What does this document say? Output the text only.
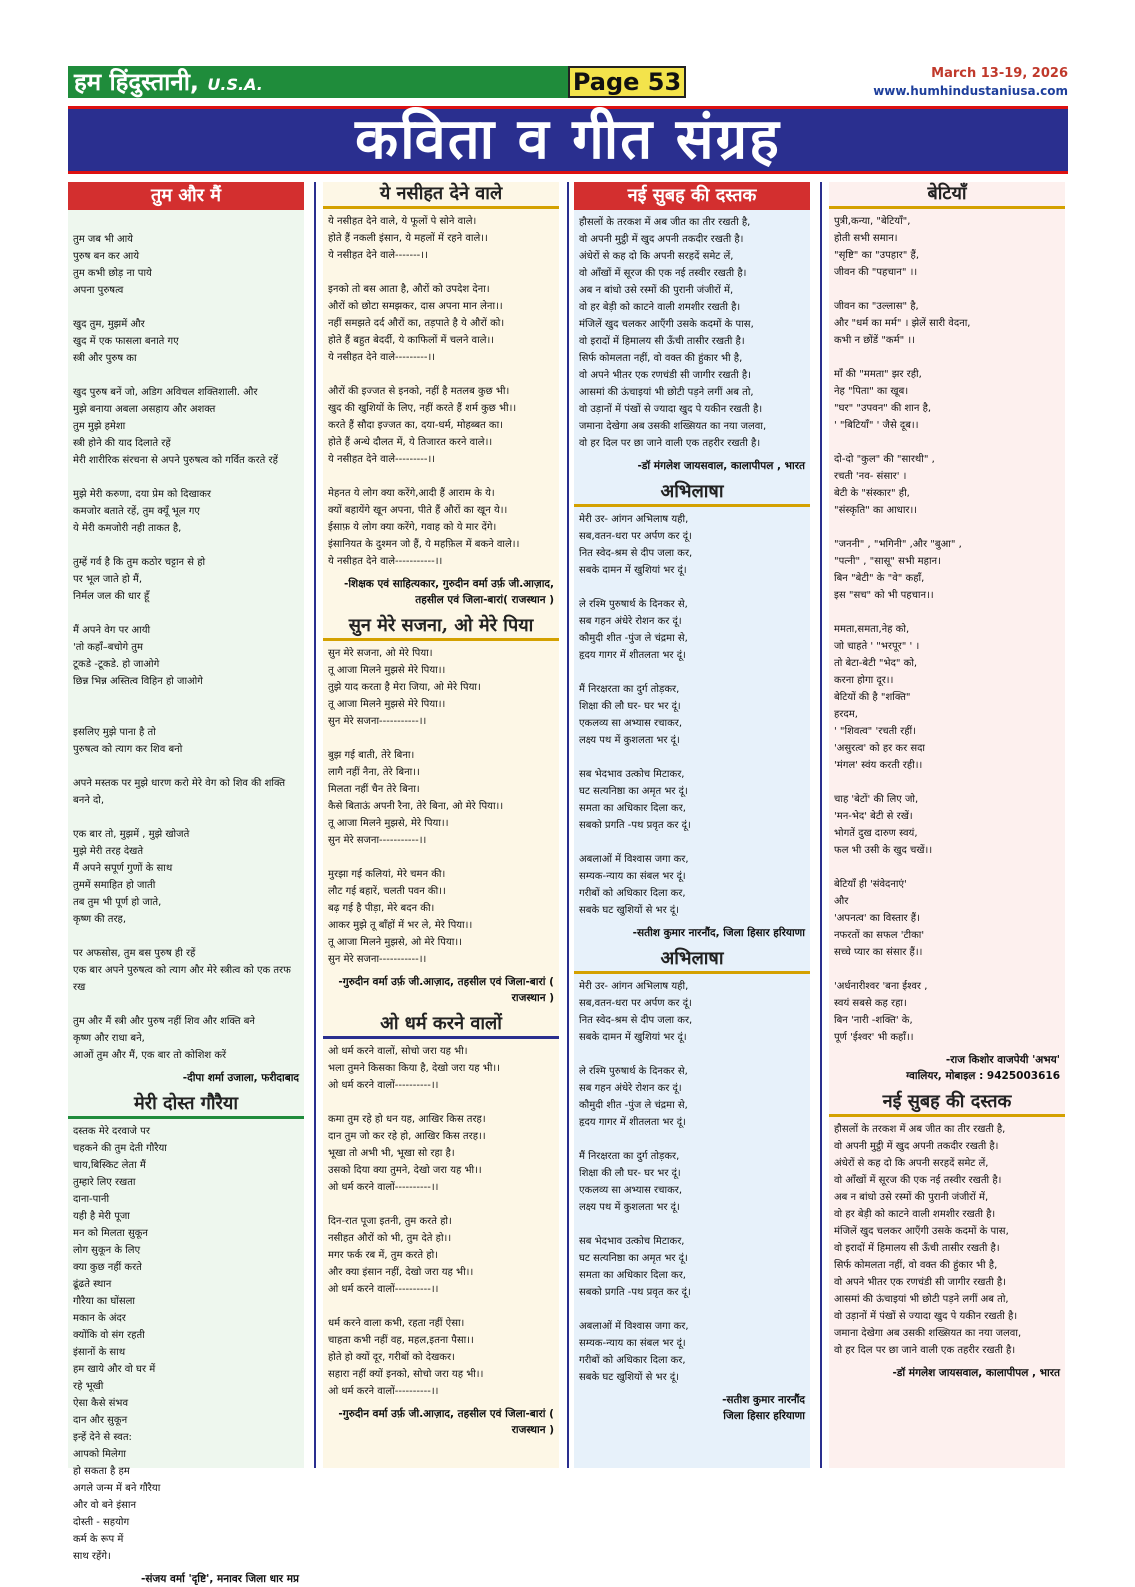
हम हिंदुस्तानी, U.S.A.	Page 53	March 13-19, 2026
www.humhindustaniusa.com
कविता व गीत संग्रह
तुम और मैं

तुम जब भी आये
पुरुष बन कर आये
तुम कभी छोड़ ना पाये
अपना पुरुषत्व

खुद तुम, मुझमें और
खुद में एक फासला बनाते गए
स्त्री और पुरुष का

खुद पुरुष बनें जो, अडिग अविचल शक्तिशाली. और
मुझे बनाया अबला असहाय और अशक्त
तुम मुझे हमेशा
स्त्री होने की याद दिलाते रहें
मेरी शारीरिक संरचना से अपने पुरुषत्व को गर्वित करते रहें

मुझे मेरी करुणा, दया प्रेम को दिखाकर
कमजोर बताते रहें, तुम क्यूँ भूल गए
ये मेरी कमजोरी नही ताकत है,

तुम्हें गर्व है कि तुम कठोर चट्टान से हो
पर भूल जाते हो मैं,
निर्मल जल की धार हूँ

मैं अपने वेग पर आयी
'तो कहाँ–बचोगे तुम
टूकडे -टूकडे. हो जाओगे
छिन्न भिन्न अस्तित्व विहिन हो जाओगे

इसलिए मुझे पाना है तो
पुरुषत्व को त्याग कर शिव बनो

अपने मस्तक पर मुझे धारण करो मेरे वेग को शिव की शक्ति बनने दो,

एक बार तो, मुझमें , मुझे खोजते
मुझे मेरी तरह देखते
मैं अपने सपूर्ण गुणों के साथ
तुममें समाहित हो जाती
तब तुम भी पूर्ण हो जाते,
कृष्ण की तरह,

पर अफसोस, तुम बस पुरुष ही रहें
एक बार अपने पुरुषत्व को त्याग और मेरे स्त्रीत्व को एक तरफ रख

तुम और मैं स्त्री और पुरुष नहीं शिव और शक्ति बने
कृष्ण और राधा बने,
आओं तुम और मैं, एक बार तो कोशिश करें
-दीपा शर्मा उजाला, फरीदाबाद
मेरी दोस्त गौरैया
दस्तक मेरे दरवाजे पर
चहकने की तुम देती गौरैया
चाय,बिस्किट लेता मैं
तुम्हारे लिए रखता
दाना-पानी
यही है मेरी पूजा
मन को मिलता सुकून
लोग सुकून के लिए
क्या कुछ नहीं करते
ढूंढते स्थान
गौरैया का घोंसला
मकान के अंदर
क्योंकि वो संग रहती
इंसानों के साथ
हम खाये और वो घर में
रहे भूखी
ऐसा कैसे संभव
दान और सुकून
इन्हें देने से स्वत:
आपको मिलेगा
हो सकता है हम
अगले जन्म में बने गौरैया
और वो बने इंसान
दोस्ती - सहयोग
कर्म के रूप में
साथ रहेंगे।
-संजय वर्मा 'दृष्टि', मनावर जिला धार मप्र
ये नसीहत देने वाले
ये नसीहत देने वाले, ये फूलों पे सोने वाले।
होते हैं नकली इंसान, ये महलों में रहने वाले।।
ये नसीहत देने वाले-------।।

इनको तो बस आता है, औरों को उपदेश देना।
औरों को छोटा समझकर, दास अपना मान लेना।।
नहीं समझते दर्द औरों का, तड़पाते है ये औरों को।
होते हैं बहुत बेदर्दी, ये काफिलों में चलने वाले।।
ये नसीहत देने वाले---------।।

औरों की इज्जत से इनको, नहीं है मतलब कुछ भी।
खुद की खुशियों के लिए, नहीं करते हैं शर्म कुछ भी।।
करते हैं सौदा इज्जत का, दया-धर्म, मोहब्बत का।
होते हैं अन्धे दौलत में, ये तिजारत करने वाले।।
ये नसीहत देने वाले---------।।

मेहनत ये लोग क्या करेंगे,आदी हैं आराम के ये।
क्यों बहायेंगे खून अपना, पीते हैं औरों का खून ये।।
ईसाफ़ ये लोग क्या करेंगे, गवाह को ये मार देंगे।
इंसानियत के दुश्मन जो हैं, ये महफ़िल में बकने वाले।।
ये नसीहत देने वाले-----------।।
-शिक्षक एवं साहित्यकार, गुरुदीन वर्मा उर्फ़ जी.आज़ाद, तहसील एवं जिला-बारां( राजस्थान )
सुन मेरे सजना, ओ मेरे पिया
सुन मेरे सजना, ओ मेरे पिया।
तू आजा मिलने मुझसे मेरे पिया।।
तुझे याद करता है मेरा जिया, ओ मेरे पिया।
तू आजा मिलने मुझसे मेरे पिया।।
सुन मेरे सजना-----------।।

बुझ गई बाती, तेरे बिना।
लागै नहीं नैना, तेरे बिना।।
मिलता नहीं चैन तेरे बिना।
कैसे बिताऊं अपनी रैना, तेरे बिना, ओ मेरे पिया।।
तू आजा मिलने मुझसे, मेरे पिया।।
सुन मेरे सजना-----------।।

मुरझा गई कलियां, मेरे चमन की।
लौट गई बहारें, चलती पवन की।।
बढ़ गई है पीड़ा, मेरे बदन की।
आकर मुझे तू बाँहों में भर ले, मेरे पिया।।
तू आजा मिलने मुझसे, ओ मेरे पिया।।
सुन मेरे सजना-----------।।
-गुरुदीन वर्मा उर्फ़ जी.आज़ाद, तहसील एवं जिला-बारां ( राजस्थान )
ओ धर्म करने वालों
ओ धर्म करने वालों, सोचो जरा यह भी।
भला तुमने किसका किया है, देखो जरा यह भी।।
ओ धर्म करने वालों----------।।

कमा तुम रहे हो धन यह, आखिर किस तरह।
दान तुम जो कर रहे हो, आखिर किस तरह।।
भूखा तो अभी भी, भूखा सो रहा है।
उसको दिया क्या तुमने, देखो जरा यह भी।।
ओ धर्म करने वालों----------।।

दिन-रात पूजा इतनी, तुम करते हो।
नसीहत औरों को भी, तुम देते हो।।
मगर फर्क रब में, तुम करते हो।
और क्या इंसान नहीं, देखो जरा यह भी।।
ओ धर्म करने वालों----------।।

धर्म करने वाला कभी, रहता नहीं ऐसा।
चाहता कभी नहीं वह, महल,इतना पैसा।।
होते हो क्यों दूर, गरीबों को देखकर।
सहारा नहीं क्यों इनको, सोचो जरा यह भी।।
ओ धर्म करने वालों----------।।
-गुरुदीन वर्मा उर्फ़ जी.आज़ाद, तहसील एवं जिला-बारां ( राजस्थान )
नई सुबह की दस्तक
हौसलों के तरकश में अब जीत का तीर रखती है,
वो अपनी मुट्ठी में खुद अपनी तकदीर रखती है।
अंधेरों से कह दो कि अपनी सरहदें समेट लें,
वो आँखों में सूरज की एक नई तस्वीर रखती है।
अब न बांधो उसे रस्मों की पुरानी जंजीरों में,
वो हर बेड़ी को काटने वाली शमशीर रखती है।
मंजिलें खुद चलकर आएँगी उसके कदमों के पास,
वो इरादों में हिमालय सी ऊँची तासीर रखती है।
सिर्फ कोमलता नहीं, वो वक्त की हुंकार भी है,
वो अपने भीतर एक रणचंडी सी जागीर रखती है।
आसमां की ऊंचाइयां भी छोटी पड़ने लगीं अब तो,
वो उड़ानों में पंखों से ज्यादा खुद पे यकीन रखती है।
जमाना देखेगा अब उसकी शख्सियत का नया जलवा,
वो हर दिल पर छा जाने वाली एक तहरीर रखती है।
-डॉ मंगलेश जायसवाल, कालापीपल , भारत
अभिलाषा
मेरी उर- आंगन अभिलाष यही,
सब,वतन-धरा पर अर्पण कर दूं।
नित स्वेद-श्रम से दीप जला कर,
सबके दामन में खुशियां भर दूं।

ले रश्मि पुरुषार्थ के दिनकर से,
सब गहन अंधेरे रोशन कर दूं।
कौमुदी शीत -पुंज ले चंद्रमा से,
हृदय गागर में शीतलता भर दूं।

मैं निरक्षरता का दुर्ग तोड़कर,
शिक्षा की लौ घर- घर भर दूं।
एकलव्य सा अभ्यास रचाकर,
लक्ष्य पथ में कुशलता भर दूं।

सब भेदभाव उत्कोच मिटाकर,
घट सत्यनिष्ठा का अमृत भर दूं।
समता का अधिकार दिला कर,
सबको प्रगति -पथ प्रवृत कर दूं।

अबलाओं में विश्वास जगा कर,
सम्यक-न्याय का संबल भर दूं।
गरीबों को अधिकार दिला कर,
सबके घट खुशियों से भर दूं।
-सतीश कुमार नारनौंद, जिला हिसार हरियाणा
अभिलाषा
मेरी उर- आंगन अभिलाष यही,
सब,वतन-धरा पर अर्पण कर दूं।
नित स्वेद-श्रम से दीप जला कर,
सबके दामन में खुशियां भर दूं।

ले रश्मि पुरुषार्थ के दिनकर से,
सब गहन अंधेरे रोशन कर दूं।
कौमुदी शीत -पुंज ले चंद्रमा से,
हृदय गागर में शीतलता भर दूं।

मैं निरक्षरता का दुर्ग तोड़कर,
शिक्षा की लौ घर- घर भर दूं।
एकलव्य सा अभ्यास रचाकर,
लक्ष्य पथ में कुशलता भर दूं।

सब भेदभाव उत्कोच मिटाकर,
घट सत्यनिष्ठा का अमृत भर दूं।
समता का अधिकार दिला कर,
सबको प्रगति -पथ प्रवृत कर दूं।

अबलाओं में विश्वास जगा कर,
सम्यक-न्याय का संबल भर दूं।
गरीबों को अधिकार दिला कर,
सबके घट खुशियों से भर दूं।
-सतीश कुमार नारनौंद
जिला हिसार हरियाणा
बेटियाँ
पुत्री,कन्या, "बेटियाँ",
होती सभी समान।
"सृष्टि" का "उपहार" हैं,
जीवन की "पहचान" ।।

जीवन का "उल्लास" है,
और "धर्म का मर्म" । झेलें सारी वेदना,
कभी न छोंडें "कर्म" ।।

माँ की "ममता" झर रही,
नेह "पिता" का खूब।
"घर" "उपवन" की शान है,
' "बिटियाँ" ' जैसे दूब।।

दो-दो "कुल" की "सारथी" ,
रचती 'नव- संसार' ।
बेटी के "संस्कार" ही,
"संस्कृति" का आधार।।

"जननी" , "भगिनी" ,और "बुआ" ,
"पत्नी" , "सासू" सभी महान।
बिन "बेटी" के "वे" कहाँ,
इस "सच" को भी पहचान।।

ममता,समता,नेह को,
जो चाहते ' "भरपूर" ' ।
तो बेटा-बेटी "भेद" को,
करना होगा दूर।।
बेटियों की है "शक्ति"
हरदम,
' "शिवत्व" 'रचती रहीं।
'असुरत्व' को हर कर सदा
'मंगल' स्वंय करती रही।।

चाह 'बेटों' की लिए जो,
'मन-भेद' बेटी से रखें।
भोगतें दुख दारुण स्वयं,
फल भी उसी के खुद चखें।।

बेटियाँ ही 'संवेदनाएं'
और
'अपनत्व' का विस्तार हैं।
नफरतों का सफल 'टीका'
सच्चे प्यार का संसार हैं।।

'अर्धनारीश्वर 'बना ईश्वर ,
स्वयं सबसे कह रहा।
बिन 'नारी -शक्ति' के,
पूर्ण 'ईश्वर' भी कहाँ।।
-राज किशोर वाजपेयी 'अभय'
ग्वालियर, मोबाइल : 9425003616
नई सुबह की दस्तक
हौसलों के तरकश में अब जीत का तीर रखती है,
वो अपनी मुट्ठी में खुद अपनी तकदीर रखती है।
अंधेरों से कह दो कि अपनी सरहदें समेट लें,
वो आँखों में सूरज की एक नई तस्वीर रखती है।
अब न बांधो उसे रस्मों की पुरानी जंजीरों में,
वो हर बेड़ी को काटने वाली शमशीर रखती है।
मंजिलें खुद चलकर आएँगी उसके कदमों के पास,
वो इरादों में हिमालय सी ऊँची तासीर रखती है।
सिर्फ कोमलता नहीं, वो वक्त की हुंकार भी है,
वो अपने भीतर एक रणचंडी सी जागीर रखती है।
आसमां की ऊंचाइयां भी छोटी पड़ने लगीं अब तो,
वो उड़ानों में पंखों से ज्यादा खुद पे यकीन रखती है।
जमाना देखेगा अब उसकी शख्सियत का नया जलवा,
वो हर दिल पर छा जाने वाली एक तहरीर रखती है।
-डॉ मंगलेश जायसवाल, कालापीपल , भारत
